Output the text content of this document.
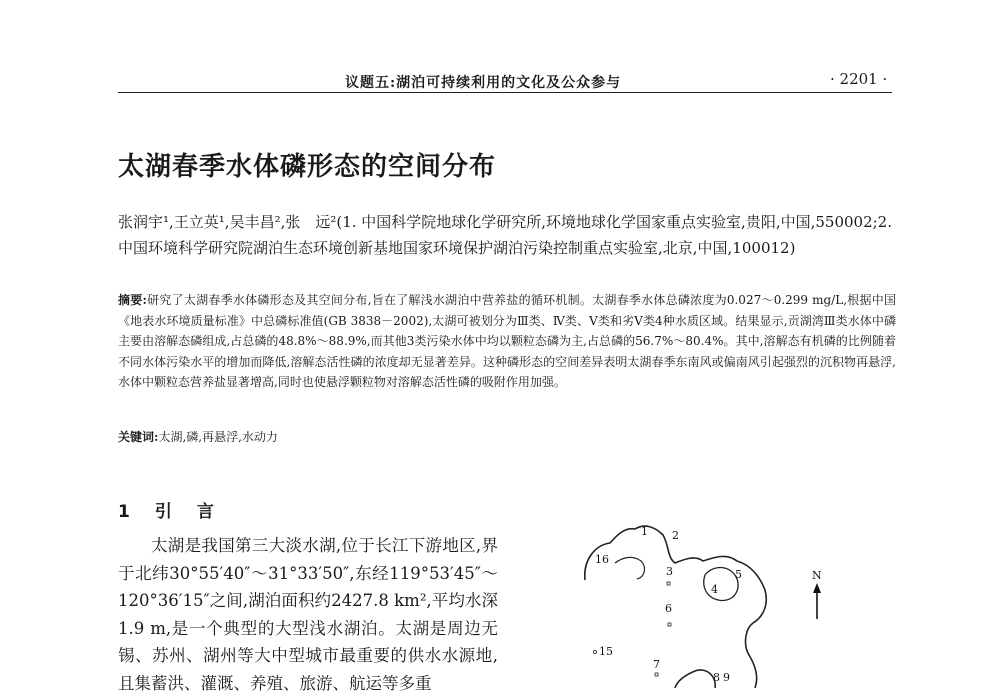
议题五:湖泊可持续利用的文化及公众参与	· 2201 ·
太湖春季水体磷形态的空间分布
张润宇¹,王立英¹,吴丰昌²,张　远²(1. 中国科学院地球化学研究所,环境地球化学国家重点实验室,贵阳,中国,550002;2. 中国环境科学研究院湖泊生态环境创新基地国家环境保护湖泊污染控制重点实验室,北京,中国,100012)
摘要:研究了太湖春季水体磷形态及其空间分布,旨在了解浅水湖泊中营养盐的循环机制。太湖春季水体总磷浓度为0.027～0.299 mg/L,根据中国《地表水环境质量标准》中总磷标准值(GB 3838－2002),太湖可被划分为Ⅲ类、Ⅳ类、Ⅴ类和劣Ⅴ类4种水质区域。结果显示,贡湖湾Ⅲ类水体中磷主要由溶解态磷组成,占总磷的48.8%～88.9%,而其他3类污染水体中均以颗粒态磷为主,占总磷的56.7%～80.4%。其中,溶解态有机磷的比例随着不同水体污染水平的增加而降低,溶解态活性磷的浓度却无显著差异。这种磷形态的空间差异表明太湖春季东南风或偏南风引起强烈的沉积物再悬浮,水体中颗粒态营养盐显著增高,同时也使悬浮颗粒物对溶解态活性磷的吸附作用加强。
关键词:太湖,磷,再悬浮,水动力
1　引　言
太湖是我国第三大淡水湖,位于长江下游地区,界于北纬30°55′40″～31°33′50″,东经119°53′45″～120°36′15″之间,湖泊面积约2427.8 km²,平均水深1.9 m,是一个典型的大型浅水湖泊。太湖是周边无锡、苏州、湖州等大中型城市最重要的供水水源地,且集蓄洪、灌溉、养殖、旅游、航运等多重
1 2
3
4
5
6
7
8 9
15
16
N
